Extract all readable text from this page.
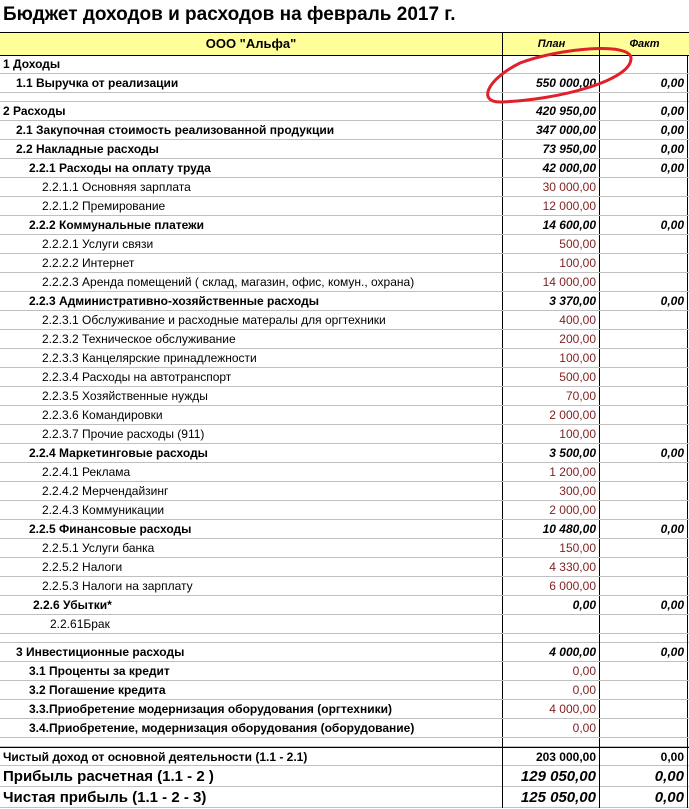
Бюджет доходов и расходов на февраль 2017 г.
ООО "Альфа"	План	Факт
1 Доходы
1.1 Выручка от реализации	550 000,00	0,00
2 Расходы	420 950,00	0,00
2.1 Закупочная стоимость реализованной продукции	347 000,00	0,00
2.2 Накладные расходы	73 950,00	0,00
2.2.1 Расходы на оплату труда	42 000,00	0,00
2.2.1.1 Основняя зарплата	30 000,00
2.2.1.2 Премирование	12 000,00
2.2.2 Коммунальные платежи	14 600,00	0,00
2.2.2.1 Услуги связи	500,00
2.2.2.2 Интернет	100,00
2.2.2.3 Аренда помещений ( склад, магазин, офис, комун., охрана)	14 000,00
2.2.3 Административно-хозяйственные расходы	3 370,00	0,00
2.2.3.1 Обслуживание и расходные матерaлы для оргтехники	400,00
2.2.3.2 Техническое обслуживание	200,00
2.2.3.3 Канцелярские принадлежности	100,00
2.2.3.4 Расходы на автотранспорт	500,00
2.2.3.5 Хозяйственные нужды	70,00
2.2.3.6 Командировки	2 000,00
2.2.3.7 Прочие расходы (911)	100,00
2.2.4 Маркетинговые расходы	3 500,00	0,00
2.2.4.1 Реклама	1 200,00
2.2.4.2 Мерчендайзинг	300,00
2.2.4.3 Коммуникации	2 000,00
2.2.5 Финансовые расходы	10 480,00	0,00
2.2.5.1 Услуги банка	150,00
2.2.5.2 Налоги	4 330,00
2.2.5.3 Налоги на зарплату	6 000,00
2.2.6 Убытки*	0,00	0,00
2.2.61Брак
3 Инвестиционные расходы	4 000,00	0,00
3.1 Проценты за кредит	0,00
3.2 Погашение кредита	0,00
3.3.Приобретение модернизация оборудования (оргтехники)	4 000,00
3.4.Приобретение, модернизация оборудования (оборудование)	0,00
Чистый доход от основной деятельности (1.1 - 2.1)	203 000,00	0,00
Прибыль расчетная (1.1 - 2 )	129 050,00	0,00
Чистая прибыль (1.1 - 2 - 3)	125 050,00	0,00
